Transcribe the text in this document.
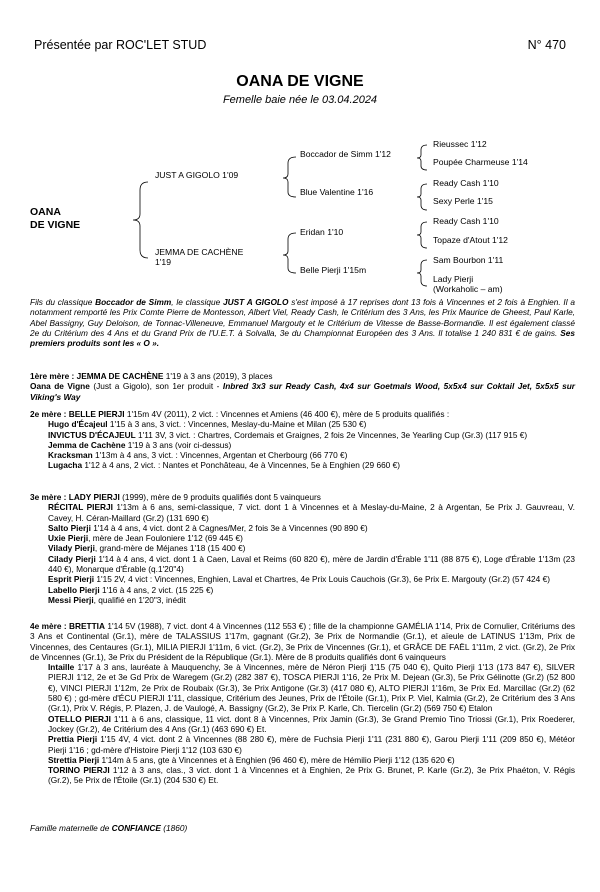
Présentée par ROC'LET STUD	N° 470
OANA DE VIGNE
Femelle baie née le 03.04.2024
OANA
DE VIGNE
JUST A GIGOLO 1'09
JEMMA DE CACHÈNE
1'19
Boccador de Simm 1'12
Blue Valentine 1'16
Eridan 1'10
Belle Pierji 1'15m
Rieussec 1'12
Poupée Charmeuse 1'14
Ready Cash 1'10
Sexy Perle 1'15
Ready Cash 1'10
Topaze d'Atout 1'12
Sam Bourbon 1'11
Lady Pierji
(Workaholic – am)
Fils du classique Boccador de Simm, le classique JUST A GIGOLO s'est imposé à 17 reprises dont 13 fois à Vincennes et 2 fois à Enghien. Il a notamment remporté les Prix Comte Pierre de Montesson, Albert Viel, Ready Cash, le Critérium des 3 Ans, les Prix Maurice de Gheest, Paul Karle, Abel Bassigny, Guy Deloison, de Tonnac-Villeneuve, Emmanuel Margouty et le Critérium de Vitesse de Basse-Bormandie. Il est également classé 2e du Critérium des 4 Ans et du Grand Prix de l'U.E.T. à Solvalla, 3e du Championnat Européen des 3 Ans. Il totalise 1 240 831 € de gains. Ses premiers produits sont les « O ».

1ère mère : JEMMA DE CACHÈNE 1'19 à 3 ans (2019), 3 places

Oana de Vigne (Just a Gigolo), son 1er produit - Inbred 3x3 sur Ready Cash, 4x4 sur Goetmals Wood, 5x5x4 sur Coktail Jet, 5x5x5 sur Viking's Way

2e mère : BELLE PIERJI 1'15m 4V (2011), 2 vict. : Vincennes et Amiens (46 400 €), mère de 5 produits qualifiés :

Hugo d'Écajeul 1'15 à 3 ans, 3 vict. : Vincennes, Meslay-du-Maine et Milan (25 530 €)

INVICTUS D'ÉCAJEUL 1'11 3V, 3 vict. : Chartres, Cordemais et Graignes, 2 fois 2e Vincennes, 3e Yearling Cup (Gr.3) (117 915 €)

Jemma de Cachène 1'19 à 3 ans (voir ci-dessus)

Kracksman 1'13m à 4 ans, 3 vict. : Vincennes, Argentan et Cherbourg (66 770 €)

Lugacha 1'12 à 4 ans, 2 vict. : Nantes et Ponchâteau, 4e à Vincennes, 5e à Enghien (29 660 €)

3e mère : LADY PIERJI (1999), mère de 9 produits qualifiés dont 5 vainqueurs

RÉCITAL PIERJI 1'13m à 6 ans, semi-classique, 7 vict. dont 1 à Vincennes et à Meslay-du-Maine, 2 à Argentan, 5e Prix J. Gauvreau, V. Cavey, H. Céran-Maillard (Gr.2) (131 690 €)

Salto Pierji 1'14 à 4 ans, 4 vict. dont 2 à Cagnes/Mer, 2 fois 3e à Vincennes (90 890 €)

Uxie Pierji, mère de Jean Fouloniere 1'12 (69 445 €)

Vilady Pierji, grand-mère de Méjanes 1'18 (15 400 €)

Cilady Pierji 1'14 à 4 ans, 4 vict. dont 1 à Caen, Laval et Reims (60 820 €), mère de Jardin d'Érable 1'11 (88 875 €), Loge d'Érable 1'13m (23 440 €), Monarque d'Érable (q.1'20"4)

Esprit Pierji 1'15 2V, 4 vict : Vincennes, Enghien, Laval et Chartres, 4e Prix Louis Cauchois (Gr.3), 6e Prix E. Margouty (Gr.2) (57 424 €)

Labello Pierji 1'16 à 4 ans, 2 vict. (15 225 €)

Messi Pierji, qualifié en 1'20"3, inédit

4e mère : BRETTIA 1'14 5V (1988), 7 vict. dont 4 à Vincennes (112 553 €) ; fille de la championne GAMÉLIA 1'14, Prix de Cornulier, Critériums des 3 Ans et Continental (Gr.1), mère de TALASSIUS 1'17m, gagnant (Gr.2), 3e Prix de Normandie (Gr.1), et aïeule de LATINUS 1'13m, Prix de Vincennes, des Centaures (Gr.1), MILIA PIERJI 1'11m, 6 vict. (Gr.2), 3e Prix de Vincennes (Gr.1), et GRÂCE DE FAËL 1'11m, 2 vict. (Gr.2), 2e Prix de Vincennes (Gr.1), 3e Prix du Président de la République (Gr.1). Mère de 8 produits qualifiés dont 6 vainqueurs

Intaille 1'17 à 3 ans, lauréate à Mauquenchy, 3e à Vincennes, mère de Néron Pierji 1'15 (75 040 €), Quito Pierji 1'13 (173 847 €), SILVER PIERJI 1'12, 2e et 3e Gd Prix de Waregem (Gr.2) (282 387 €), TOSCA PIERJI 1'16, 2e Prix M. Dejean (Gr.3), 5e Prix Gélinotte (Gr.2) (52 800 €), VINCI PIERJI 1'12m, 2e Prix de Roubaix (Gr.3), 3e Prix Antigone (Gr.3) (417 080 €), ALTO PIERJI 1'16m, 3e Prix Ed. Marcillac (Gr.2) (62 580 €) ; gd-mère d'ÉCU PIERJI 1'11, classique, Critérium des Jeunes, Prix de l'Étoile (Gr.1), Prix P. Viel, Kalmia (Gr.2), 2e Critérium des 3 Ans (Gr.1), Prix V. Régis, P. Plazen, J. de Vaulogé, A. Bassigny (Gr.2), 3e Prix P. Karle, Ch. Tiercelin (Gr.2) (569 750 €) Etalon

OTELLO PIERJI 1'11 à 6 ans, classique, 11 vict. dont 8 à Vincennes, Prix Jamin (Gr.3), 3e Grand Premio Tino Triossi (Gr.1), Prix Roederer, Jockey (Gr.2), 4e Critérium des 4 Ans (Gr.1) (463 690 €) Et.

Prettia Pierji 1'15 4V, 4 vict. dont 2 à Vincennes (88 280 €), mère de Fuchsia Pierji 1'11 (231 880 €), Garou Pierji 1'11 (209 850 €), Météor Pierji 1'16 ; gd-mère d'Histoire Pierji 1'12 (103 630 €)

Strettia Pierji 1'14m à 5 ans, gte à Vincennes et à Enghien (96 460 €), mère de Hémilio Pierji 1'12 (135 620 €)

TORINO PIERJI 1'12 à 3 ans, clas., 3 vict. dont 1 à Vincennes et à Enghien, 2e Prix G. Brunet, P. Karle (Gr.2), 3e Prix Phaéton, V. Régis (Gr.2), 5e Prix de l'Étoile (Gr.1) (204 530 €) Et.

Famille maternelle de CONFIANCE (1860)
